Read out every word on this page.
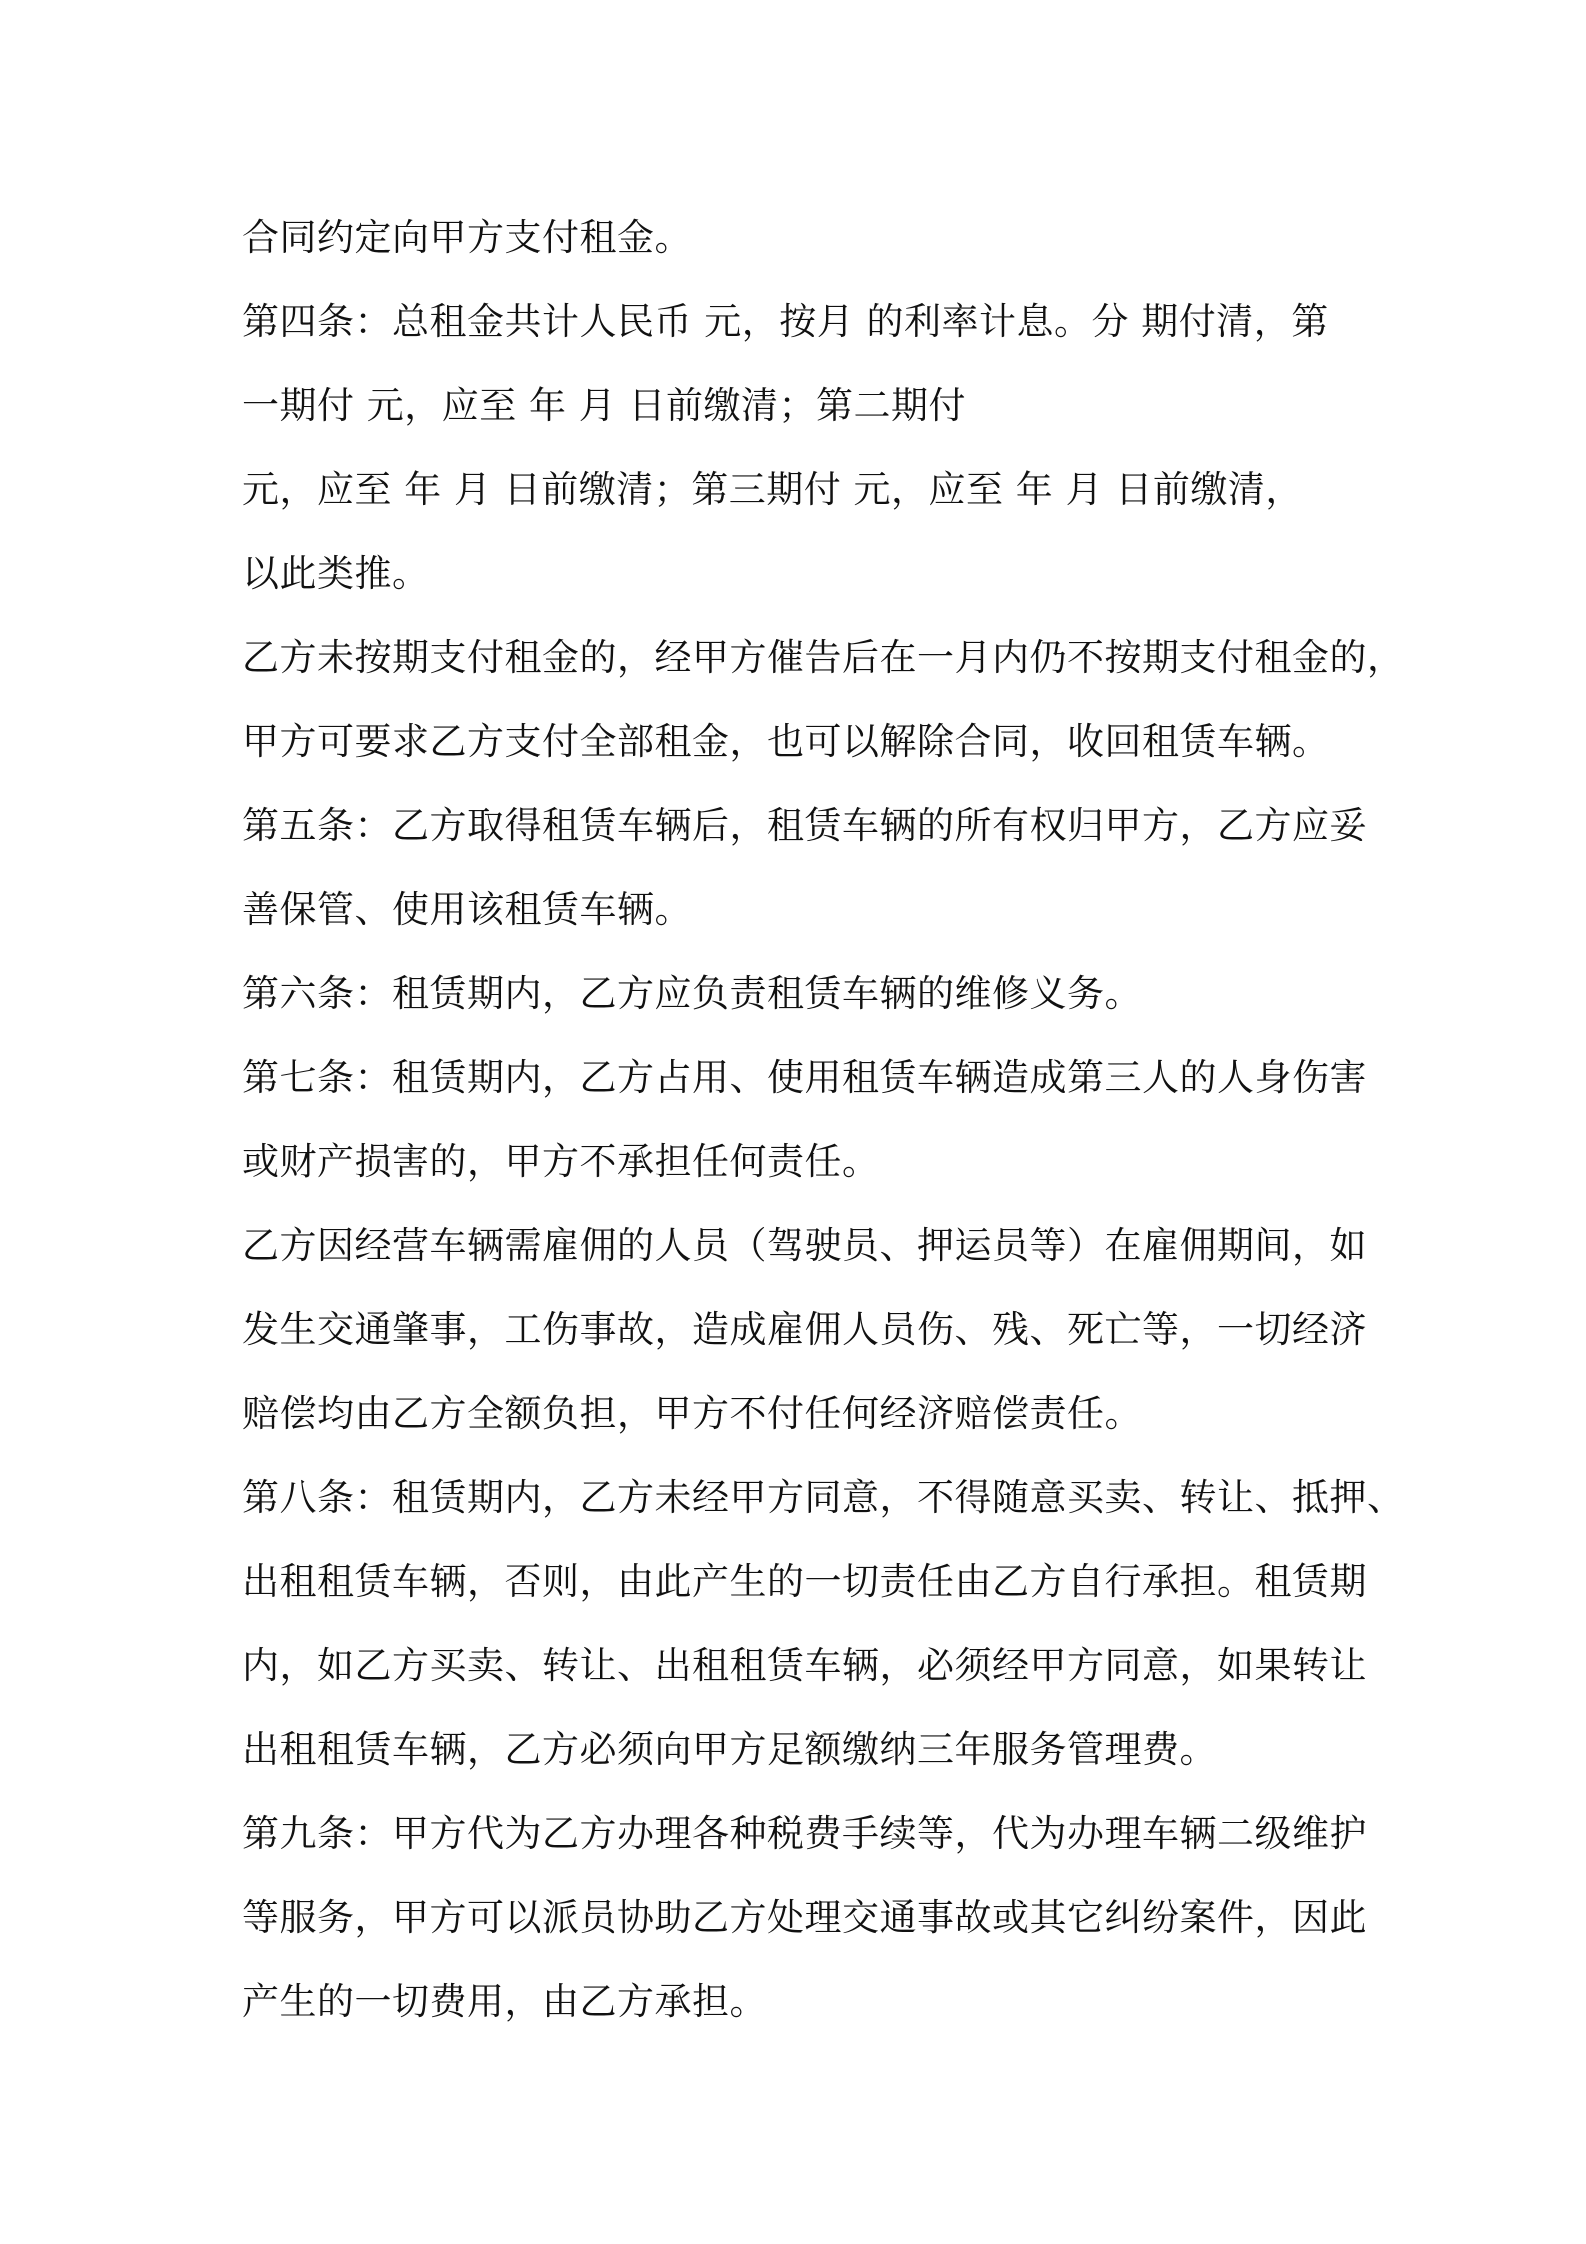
合同约定向甲方支付租金。
第四条：总租金共计人民币 元，按月 的利率计息。分 期付清，第
一期付 元，应至 年 月 日前缴清；第二期付
元，应至 年 月 日前缴清；第三期付 元，应至 年 月 日前缴清，
以此类推。
乙方未按期支付租金的，经甲方催告后在一月内仍不按期支付租金的，
甲方可要求乙方支付全部租金，也可以解除合同，收回租赁车辆。
第五条：乙方取得租赁车辆后，租赁车辆的所有权归甲方，乙方应妥
善保管、使用该租赁车辆。
第六条：租赁期内，乙方应负责租赁车辆的维修义务。
第七条：租赁期内，乙方占用、使用租赁车辆造成第三人的人身伤害
或财产损害的，甲方不承担任何责任。
乙方因经营车辆需雇佣的人员（驾驶员、押运员等）在雇佣期间，如
发生交通肇事，工伤事故，造成雇佣人员伤、残、死亡等，一切经济
赔偿均由乙方全额负担，甲方不付任何经济赔偿责任。
第八条：租赁期内，乙方未经甲方同意，不得随意买卖、转让、抵押、
出租租赁车辆，否则，由此产生的一切责任由乙方自行承担。租赁期
内，如乙方买卖、转让、出租租赁车辆，必须经甲方同意，如果转让
出租租赁车辆，乙方必须向甲方足额缴纳三年服务管理费。
第九条：甲方代为乙方办理各种税费手续等，代为办理车辆二级维护
等服务，甲方可以派员协助乙方处理交通事故或其它纠纷案件，因此
产生的一切费用，由乙方承担。
